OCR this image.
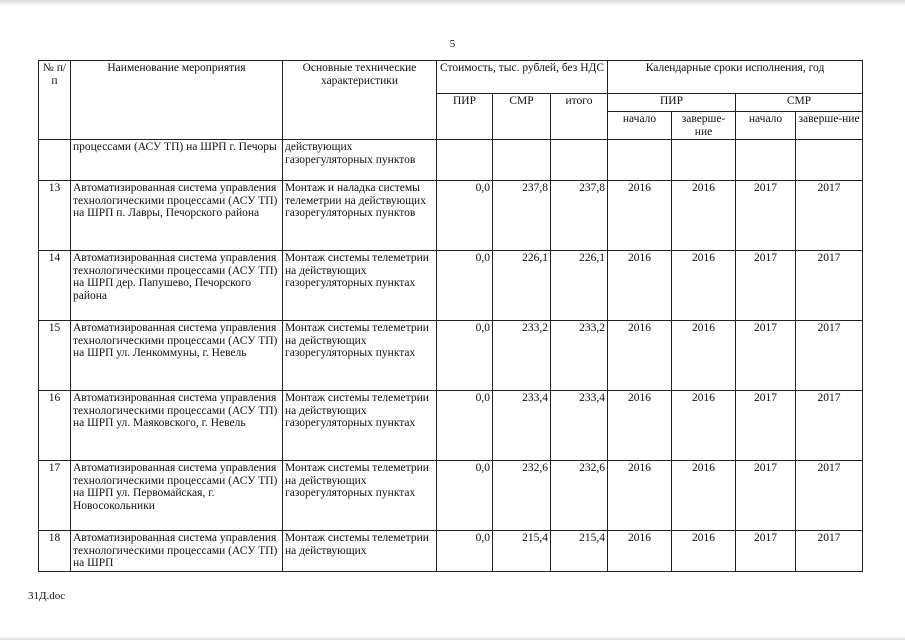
5
№ п/п	Наименование мероприятия	Основные технические характеристики	Стоимость, тыс. рублей, без НДС			Календарные сроки исполнения, год			
			ПИР	СМР	итого	ПИР		СМР	
						начало	заверше-ние	начало	заверше-ние
	процессами (АСУ ТП) на ШРП г. Печоры	действующих газорегуляторных пунктов							
13	Автоматизированная система управления технологическими процессами (АСУ ТП) на ШРП п. Лавры, Печорского района	Монтаж и наладка системы телеметрии на действующих газорегуляторных пунктов	0,0	237,8	237,8	2016	2016	2017	2017
14	Автоматизированная система управления технологическими процессами (АСУ ТП) на ШРП дер. Папушево, Печорского района	Монтаж системы телеметрии на действующих газорегуляторных пунктах	0,0	226,1	226,1	2016	2016	2017	2017
15	Автоматизированная система управления технологическими процессами (АСУ ТП) на ШРП ул. Ленкоммуны, г. Невель	Монтаж системы телеметрии на действующих газорегуляторных пунктах	0,0	233,2	233,2	2016	2016	2017	2017
16	Автоматизированная система управления технологическими процессами (АСУ ТП) на ШРП ул. Маяковского, г. Невель	Монтаж системы телеметрии на действующих газорегуляторных пунктах	0,0	233,4	233,4	2016	2016	2017	2017
17	Автоматизированная система управления технологическими процессами (АСУ ТП) на ШРП ул. Первомайская, г. Новосокольники	Монтаж системы телеметрии на действующих газорегуляторных пунктах	0,0	232,6	232,6	2016	2016	2017	2017
18	Автоматизированная система управления технологическими процессами (АСУ ТП) на ШРП	Монтаж системы телеметрии на действующих	0,0	215,4	215,4	2016	2016	2017	2017
31Д.doc
